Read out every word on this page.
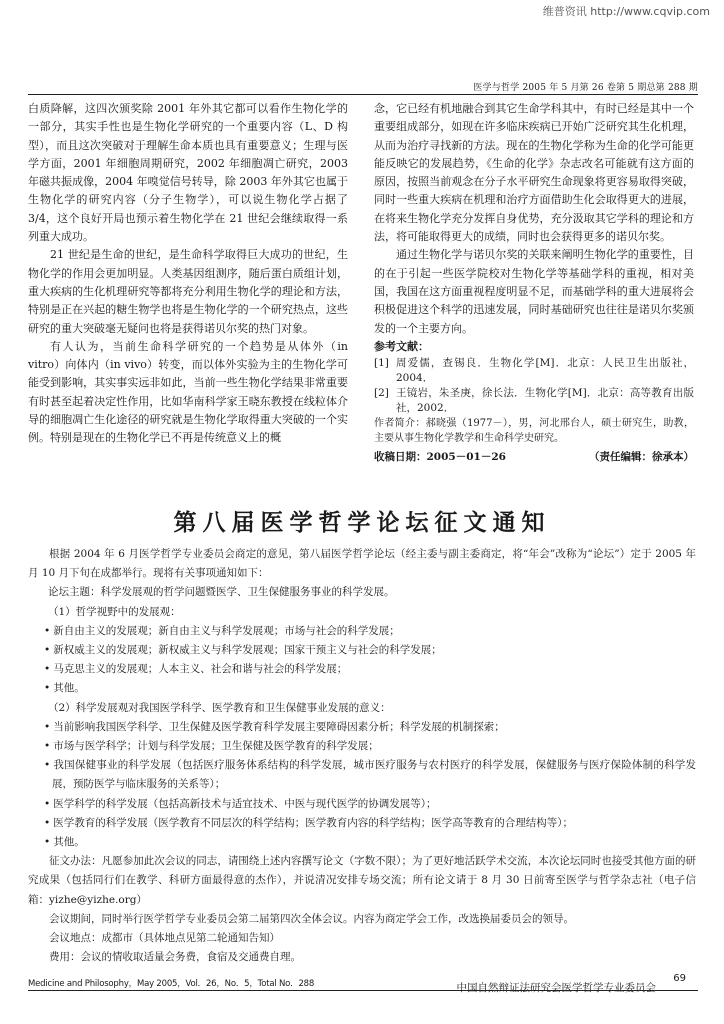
维普资讯 http://www.cqvip.com
医学与哲学 2005 年 5 月第 26 卷第 5 期总第 288 期

白质降解，这四次颁奖除 2001 年外其它都可以看作生物化学的一部分，其实手性也是生物化学研究的一个重要内容（L、D 构型），而且这次突破对于理解生命本质也具有重要意义；生理与医学方面，2001 年细胞周期研究，2002 年细胞凋亡研究，2003 年磁共振成像，2004 年嗅觉信号转导，除 2003 年外其它也属于生物化学的研究内容（分子生物学），可以说生物化学占据了 3/4，这个良好开局也预示着生物化学在 21 世纪会继续取得一系列重大成功。

21 世纪是生命的世纪，是生命科学取得巨大成功的世纪，生物化学的作用会更加明显。人类基因组测序，随后蛋白质组计划，重大疾病的生化机理研究等都将充分利用生物化学的理论和方法，特别是正在兴起的糖生物学也将是生物化学的一个研究热点，这些研究的重大突破毫无疑问也将是获得诺贝尔奖的热门对象。

有人认为，当前生命科学研究的一个趋势是从体外（in vitro）向体内（in vivo）转变，而以体外实验为主的生物化学可能受到影响，其实事实远非如此，当前一些生物化学结果非常重要有时甚至起着决定性作用，比如华南科学家王晓东教授在线粒体介导的细胞凋亡生化途径的研究就是生物化学取得重大突破的一个实例。特别是现在的生物化学已不再是传统意义上的概

念，它已经有机地融合到其它生命学科其中，有时已经是其中一个重要组成部分，如现在许多临床疾病已开始广泛研究其生化机理，从而为治疗寻找新的方法。现在的生物化学称为生命的化学可能更能反映它的发展趋势，《生命的化学》杂志改名可能就有这方面的原因，按照当前观念在分子水平研究生命现象将更容易取得突破，同时一些重大疾病在机理和治疗方面借助生化会取得更大的进展，在将来生物化学充分发挥自身优势，充分汲取其它学科的理论和方法，将可能取得更大的成绩，同时也会获得更多的诺贝尔奖。

通过生物化学与诺贝尔奖的关联来阐明生物化学的重要性，目的在于引起一些医学院校对生物化学等基础学科的重视，相对美国，我国在这方面重视程度明显不足，而基础学科的重大进展将会积极促进这个科学的迅速发展，同时基础研究也往往是诺贝尔奖颁发的一个主要方向。

参考文献：

[1] 周爱儒，查锡良．生物化学[M]．北京：人民卫生出版社，2004．
[2] 王镜岩，朱圣庚，徐长法．生物化学[M]．北京：高等教育出版社，2002．

作者简介：郝晓强（1977－），男，河北邢台人，硕士研究生，助教，主要从事生物化学教学和生命科学史研究。

收稿日期：2005－01－26	（责任编辑：徐承本）
第八届医学哲学论坛征文通知

根据 2004 年 6 月医学哲学专业委员会商定的意见，第八届医学哲学论坛（经主委与副主委商定，将“年会”改称为“论坛”）定于 2005 年月 10 月下旬在成都举行。现将有关事项通知如下：

论坛主题：科学发展观的哲学问题暨医学、卫生保健服务事业的科学发展。

（1）哲学视野中的发展观：

• 新自由主义的发展观；新自由主义与科学发展观；市场与社会的科学发展；

• 新权威主义的发展观；新权威主义与科学发展观；国家干预主义与社会的科学发展；

• 马克思主义的发展观；人本主义、社会和谐与社会的科学发展；

• 其他。

（2）科学发展观对我国医学科学、医学教育和卫生保健事业发展的意义：

• 当前影响我国医学科学、卫生保健及医学教育科学发展主要障碍因素分析；科学发展的机制探索；

• 市场与医学科学；计划与科学发展；卫生保健及医学教育的科学发展；

• 我国保健事业的科学发展（包括医疗服务体系结构的科学发展，城市医疗服务与农村医疗的科学发展，保健服务与医疗保险体制的科学发展，预防医学与临床服务的关系等）；

• 医学科学的科学发展（包括高新技术与适宜技术、中医与现代医学的协调发展等）；

• 医学教育的科学发展（医学教育不同层次的科学结构；医学教育内容的科学结构；医学高等教育的合理结构等）；

• 其他。

征文办法：凡愿参加此次会议的同志，请围绕上述内容撰写论文（字数不限）；为了更好地活跃学术交流，本次论坛同时也接受其他方面的研究成果（包括同行们在教学、科研方面最得意的杰作），并说清况安排专场交流；所有论文请于 8 月 30 日前寄至医学与哲学杂志社（电子信箱：yizhe@yizhe.org）

会议期间，同时举行医学哲学专业委员会第二届第四次全体会议。内容为商定学会工作，改选换届委员会的领导。

会议地点：成都市（具体地点见第二轮通知告知）

费用：会议的情收取适量会务费，食宿及交通费自理。

中国自然辩证法研究会医学哲学专业委员会

Medicine and Philosophy，May 2005，Vol．26，No．5，Total No．288	69
